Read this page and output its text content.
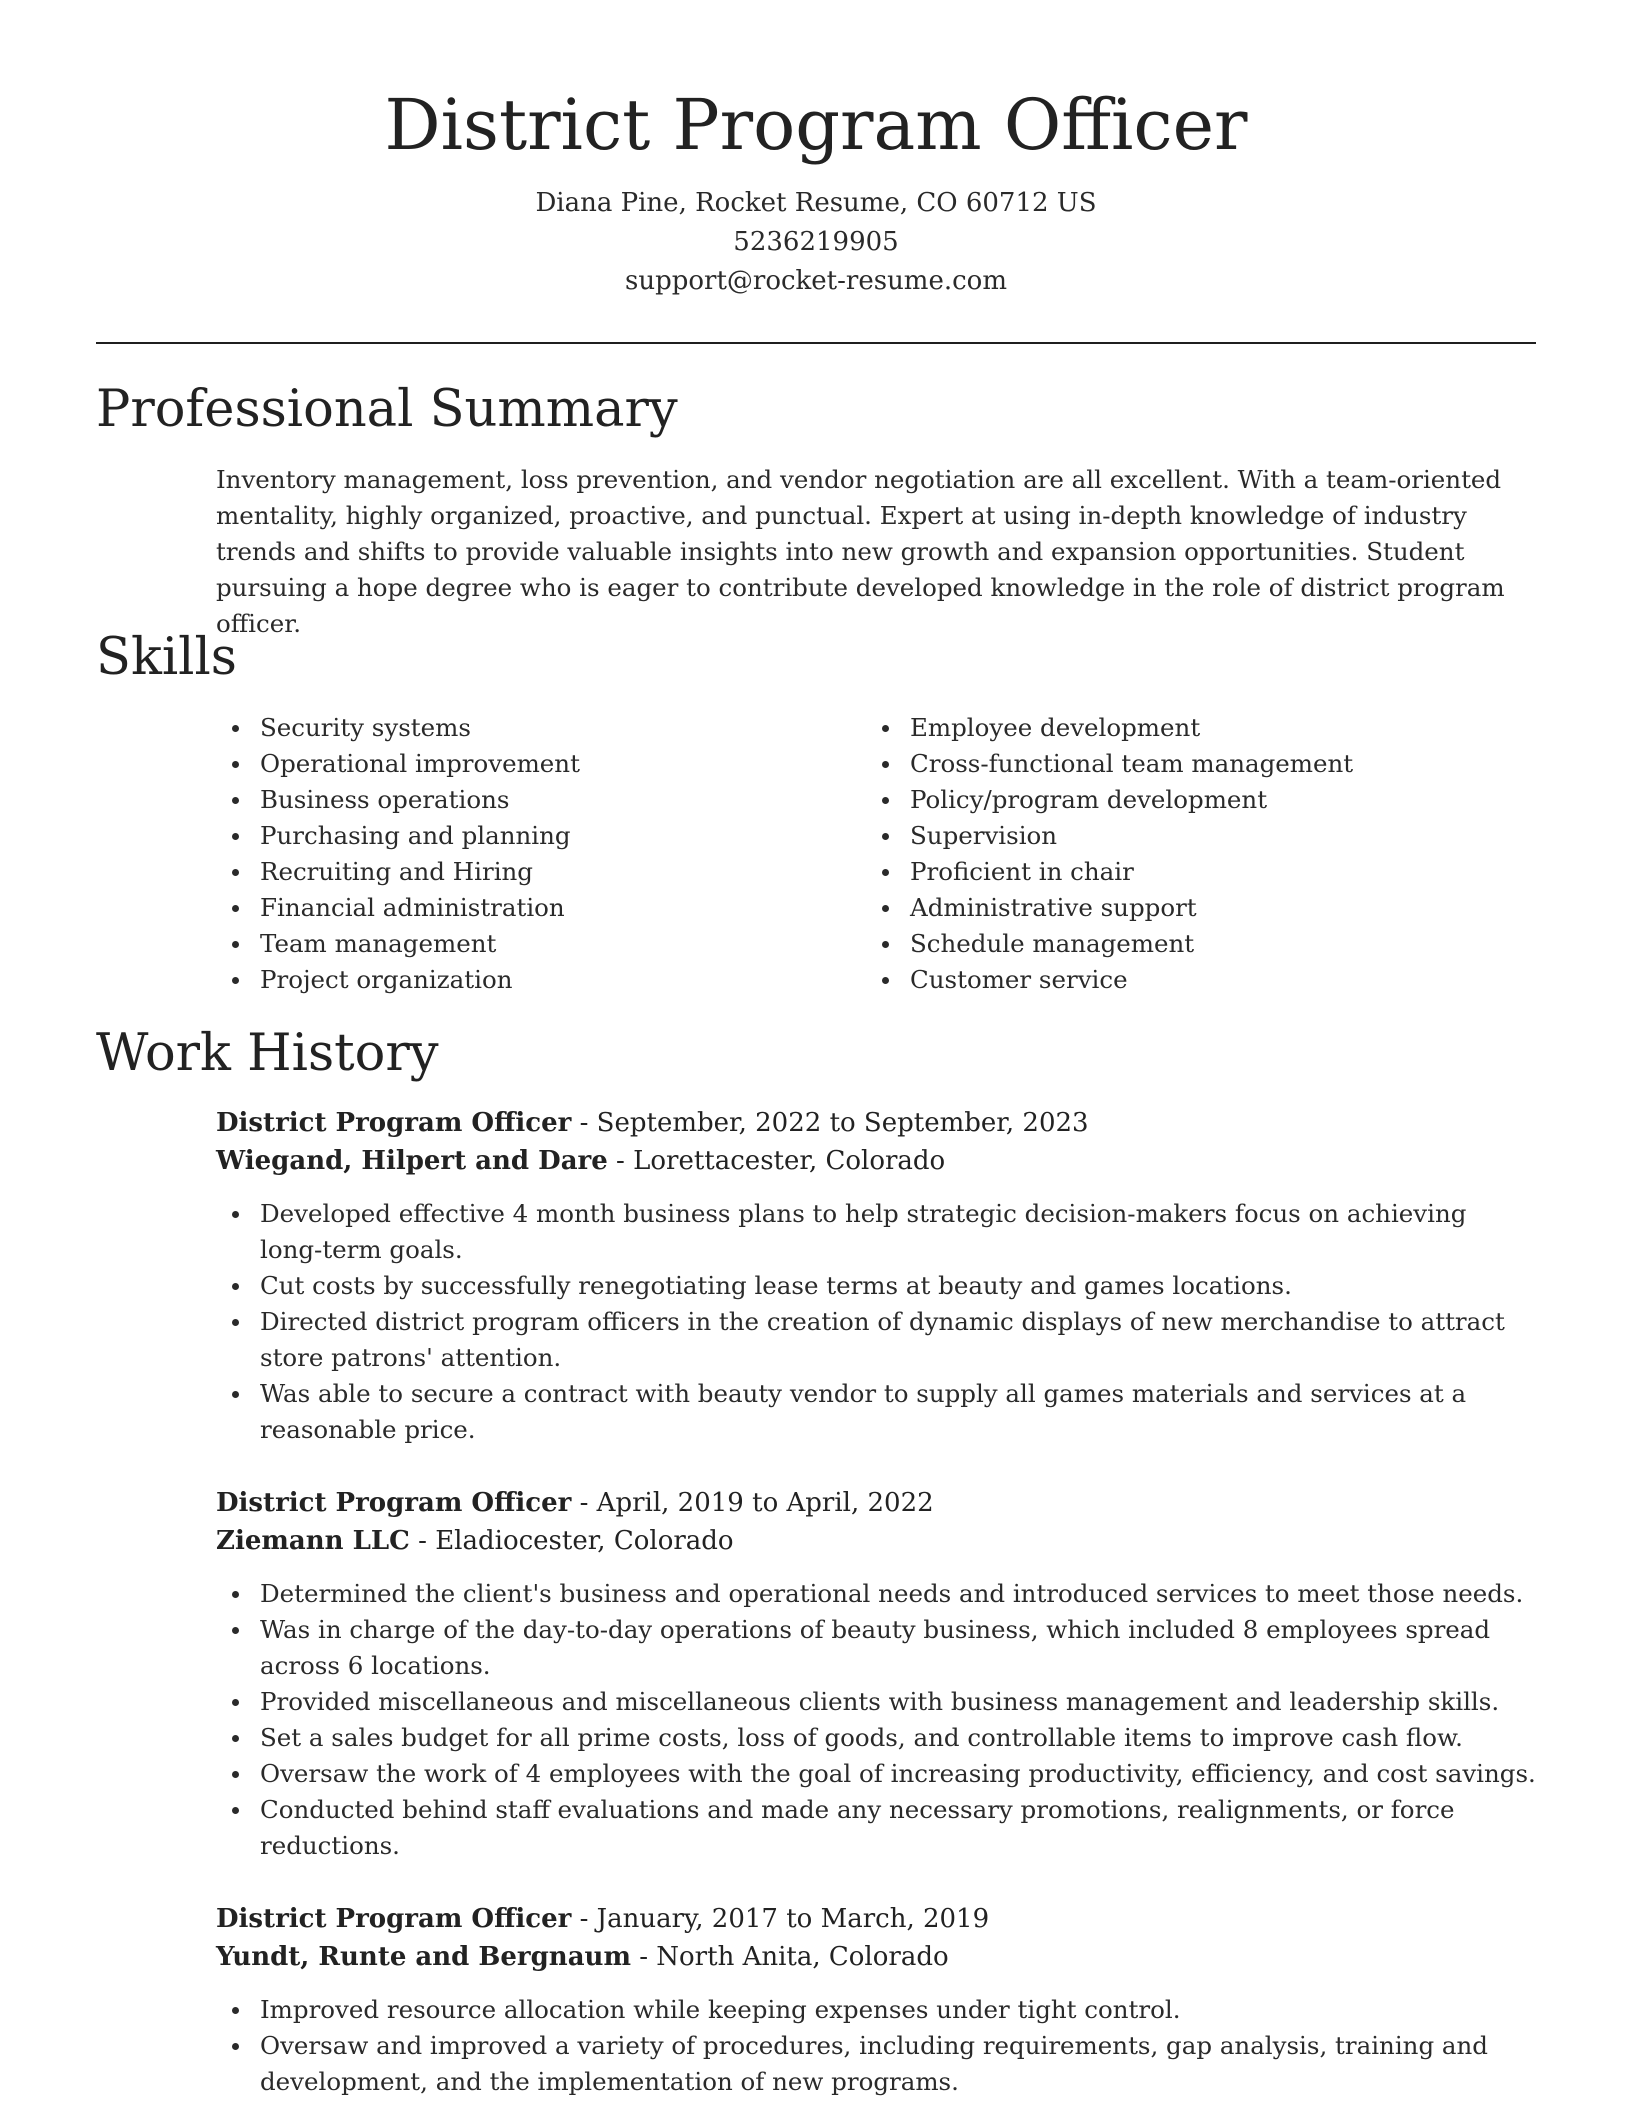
District Program Officer
Diana Pine, Rocket Resume, CO 60712 US
5236219905
support@rocket-resume.com
Professional Summary

Inventory management, loss prevention, and vendor negotiation are all excellent. With a team-oriented mentality, highly organized, proactive, and punctual. Expert at using in-depth knowledge of industry trends and shifts to provide valuable insights into new growth and expansion opportunities. Student pursuing a hope degree who is eager to contribute developed knowledge in the role of district program officer.

Skills
Security systems
Operational improvement
Business operations
Purchasing and planning
Recruiting and Hiring
Financial administration
Team management
Project organization
Employee development
Cross-functional team management
Policy/program development
Supervision
Proficient in chair
Administrative support
Schedule management
Customer service
Work History
District Program Officer - September, 2022 to September, 2023
Wiegand, Hilpert and Dare - Lorettacester, Colorado
Developed effective 4 month business plans to help strategic decision-makers focus on achieving long-term goals.
Cut costs by successfully renegotiating lease terms at beauty and games locations.
Directed district program officers in the creation of dynamic displays of new merchandise to attract store patrons' attention.
Was able to secure a contract with beauty vendor to supply all games materials and services at a reasonable price.
District Program Officer - April, 2019 to April, 2022
Ziemann LLC - Eladiocester, Colorado
Determined the client's business and operational needs and introduced services to meet those needs.
Was in charge of the day-to-day operations of beauty business, which included 8 employees spread across 6 locations.
Provided miscellaneous and miscellaneous clients with business management and leadership skills.
Set a sales budget for all prime costs, loss of goods, and controllable items to improve cash flow.
Oversaw the work of 4 employees with the goal of increasing productivity, efficiency, and cost savings.
Conducted behind staff evaluations and made any necessary promotions, realignments, or force reductions.
District Program Officer - January, 2017 to March, 2019
Yundt, Runte and Bergnaum - North Anita, Colorado
Improved resource allocation while keeping expenses under tight control.
Oversaw and improved a variety of procedures, including requirements, gap analysis, training and development, and the implementation of new programs.
